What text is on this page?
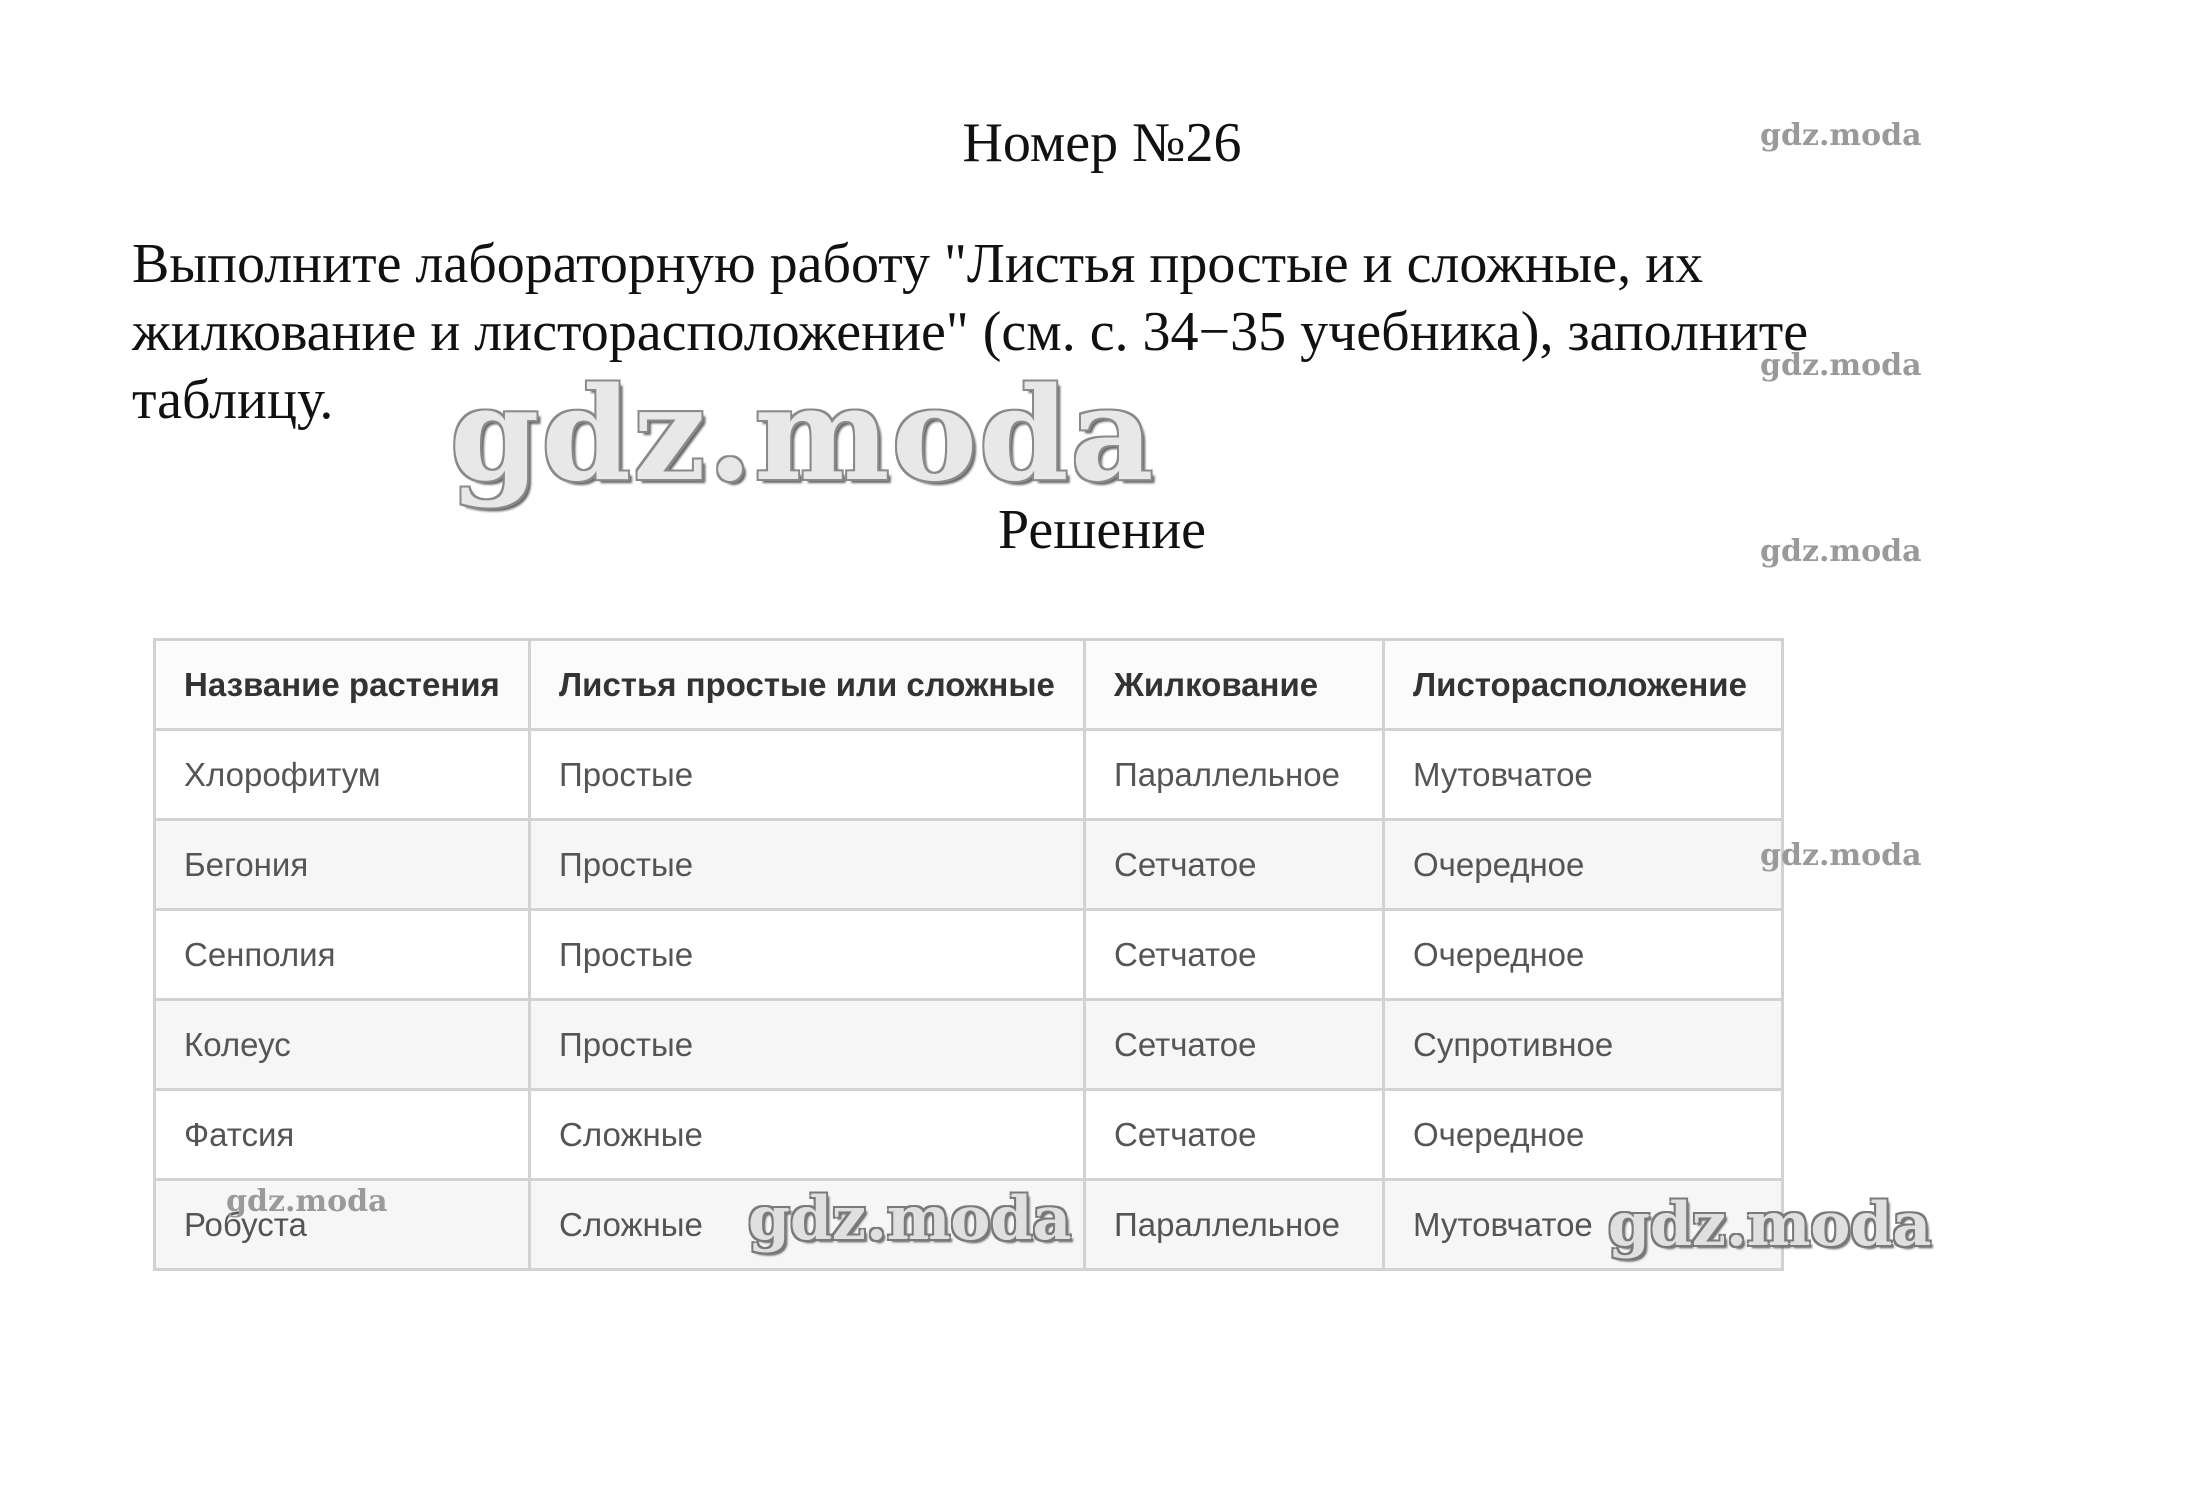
Номер №26
Выполните лабораторную работу "Листья простые и сложные, их жилкование и листорасположение" (см. с. 34−35 учебника), заполните таблицу.
Решение
Название растения	Листья простые или сложные	Жилкование	Листорасположение
Хлорофитум	Простые	Параллельное	Мутовчатое
Бегония	Простые	Сетчатое	Очередное
Сенполия	Простые	Сетчатое	Очередное
Колеус	Простые	Сетчатое	Супротивное
Фатсия	Сложные	Сетчатое	Очередное
Робуста	Сложные	Параллельное	Мутовчатое
gdz.moda
gdz.moda
gdz.moda
gdz.moda
gdz.moda
gdz.moda
gdz.moda	gdz.moda
